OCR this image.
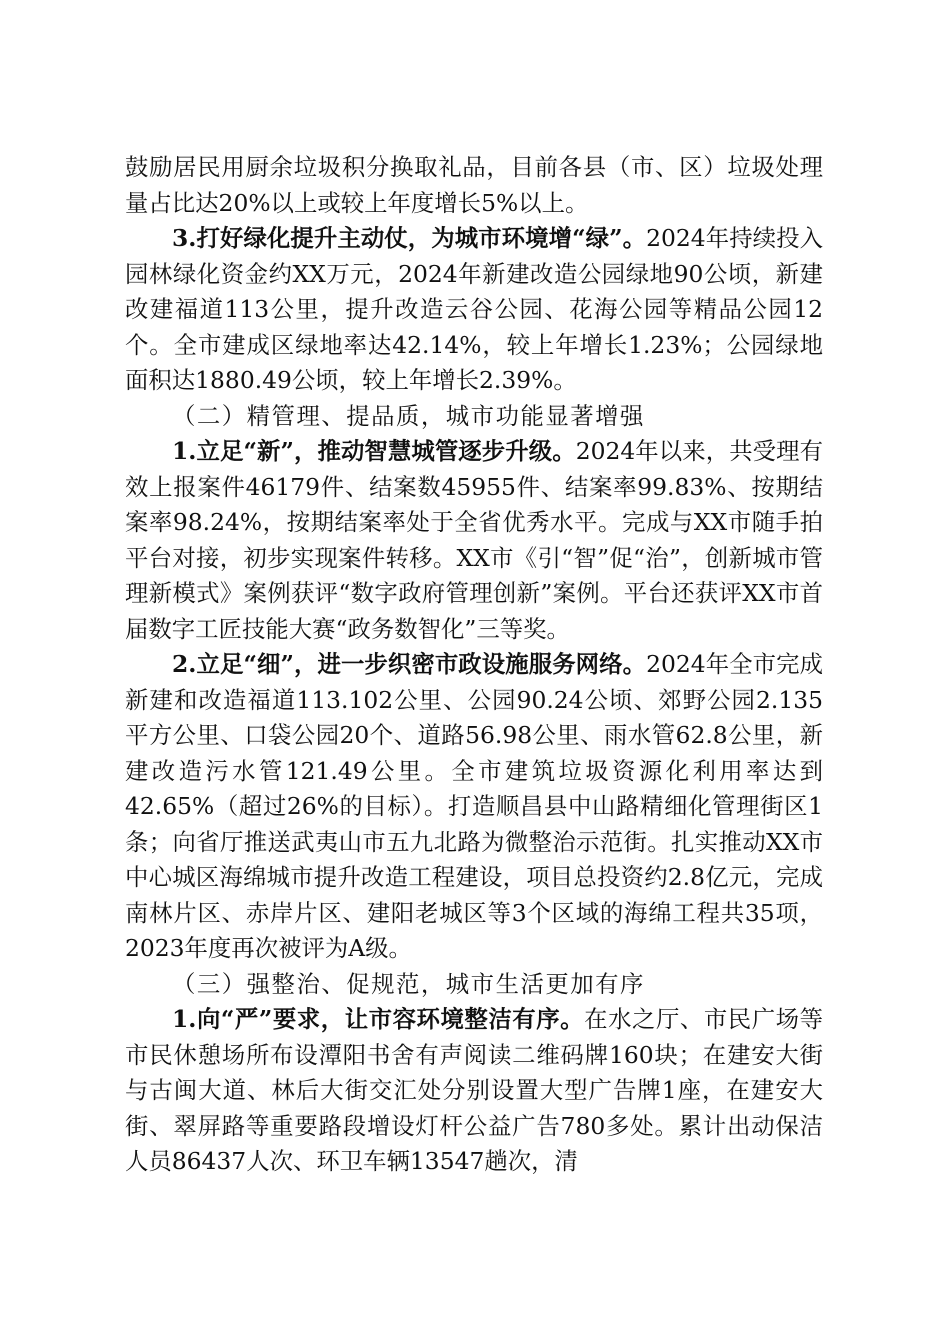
鼓励居民用厨余垃圾积分换取礼品，目前各县（市、区）垃圾处理量占比达20%以上或较上年度增长5%以上。

3.打好绿化提升主动仗，为城市环境增“绿”。2024年持续投入园林绿化资金约XX万元，2024年新建改造公园绿地90公顷，新建改建福道113公里，提升改造云谷公园、花海公园等精品公园12个。全市建成区绿地率达42.14%，较上年增长1.23%；公园绿地面积达1880.49公顷，较上年增长2.39%。

（二）精管理、提品质，城市功能显著增强

1.立足“新”，推动智慧城管逐步升级。2024年以来，共受理有效上报案件46179件、结案数45955件、结案率99.83%、按期结案率98.24%，按期结案率处于全省优秀水平。完成与XX市随手拍平台对接，初步实现案件转移。XX市《引“智”促“治”，创新城市管理新模式》案例获评“数字政府管理创新”案例。平台还获评XX市首届数字工匠技能大赛“政务数智化”三等奖。

2.立足“细”，进一步织密市政设施服务网络。2024年全市完成新建和改造福道113.102公里、公园90.24公顷、郊野公园2.135平方公里、口袋公园20个、道路56.98公里、雨水管62.8公里，新建改造污水管121.49公里。全市建筑垃圾资源化利用率达到42.65%（超过26%的目标）。打造顺昌县中山路精细化管理街区1条；向省厅推送武夷山市五九北路为微整治示范街。扎实推动XX市中心城区海绵城市提升改造工程建设，项目总投资约2.8亿元，完成南林片区、赤岸片区、建阳老城区等3个区域的海绵工程共35项，2023年度再次被评为A级。

（三）强整治、促规范，城市生活更加有序

1.向“严”要求，让市容环境整洁有序。在水之厅、市民广场等市民休憩场所布设潭阳书舍有声阅读二维码牌160块；在建安大街与古闽大道、林后大街交汇处分别设置大型广告牌1座，在建安大街、翠屏路等重要路段增设灯杆公益广告780多处。累计出动保洁人员86437人次、环卫车辆13547趟次，清
